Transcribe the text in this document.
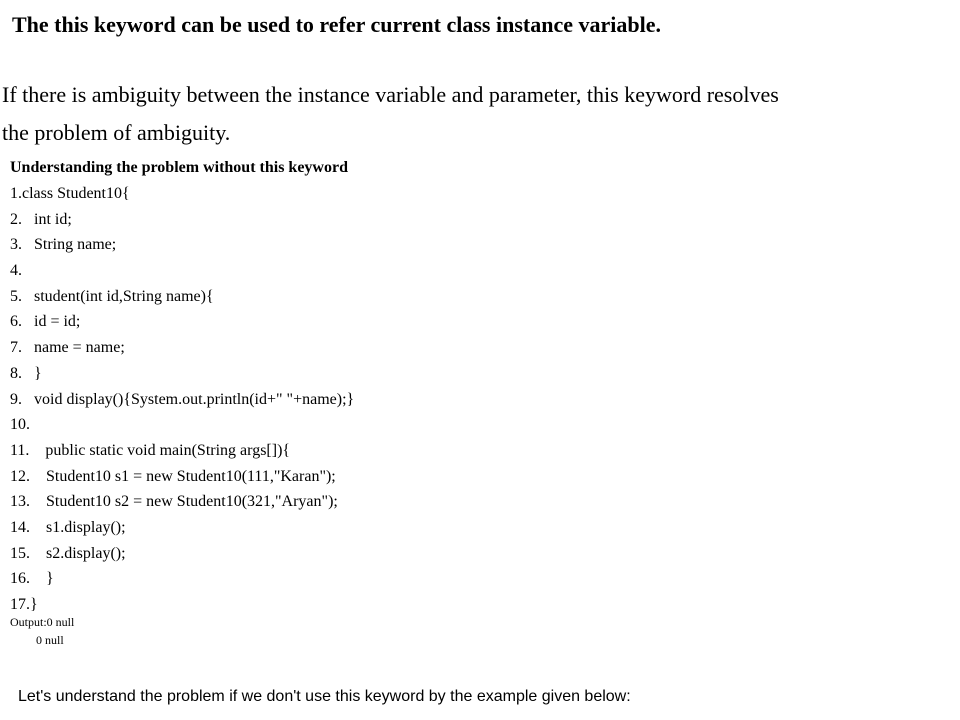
The this keyword can be used to refer current class instance variable.
If there is ambiguity between the instance variable and parameter, this keyword resolves
the problem of ambiguity.
Understanding the problem without this keyword
1.class Student10{
2.   int id;
3.   String name;
4.
5.   student(int id,String name){
6.   id = id;
7.   name = name;
8.   }
9.   void display(){System.out.println(id+" "+name);}
10.
11.    public static void main(String args[]){
12.    Student10 s1 = new Student10(111,"Karan");
13.    Student10 s2 = new Student10(321,"Aryan");
14.    s1.display();
15.    s2.display();
16.    }
17.}
Output:0 null
0 null
Let's understand the problem if we don't use this keyword by the example given below:
